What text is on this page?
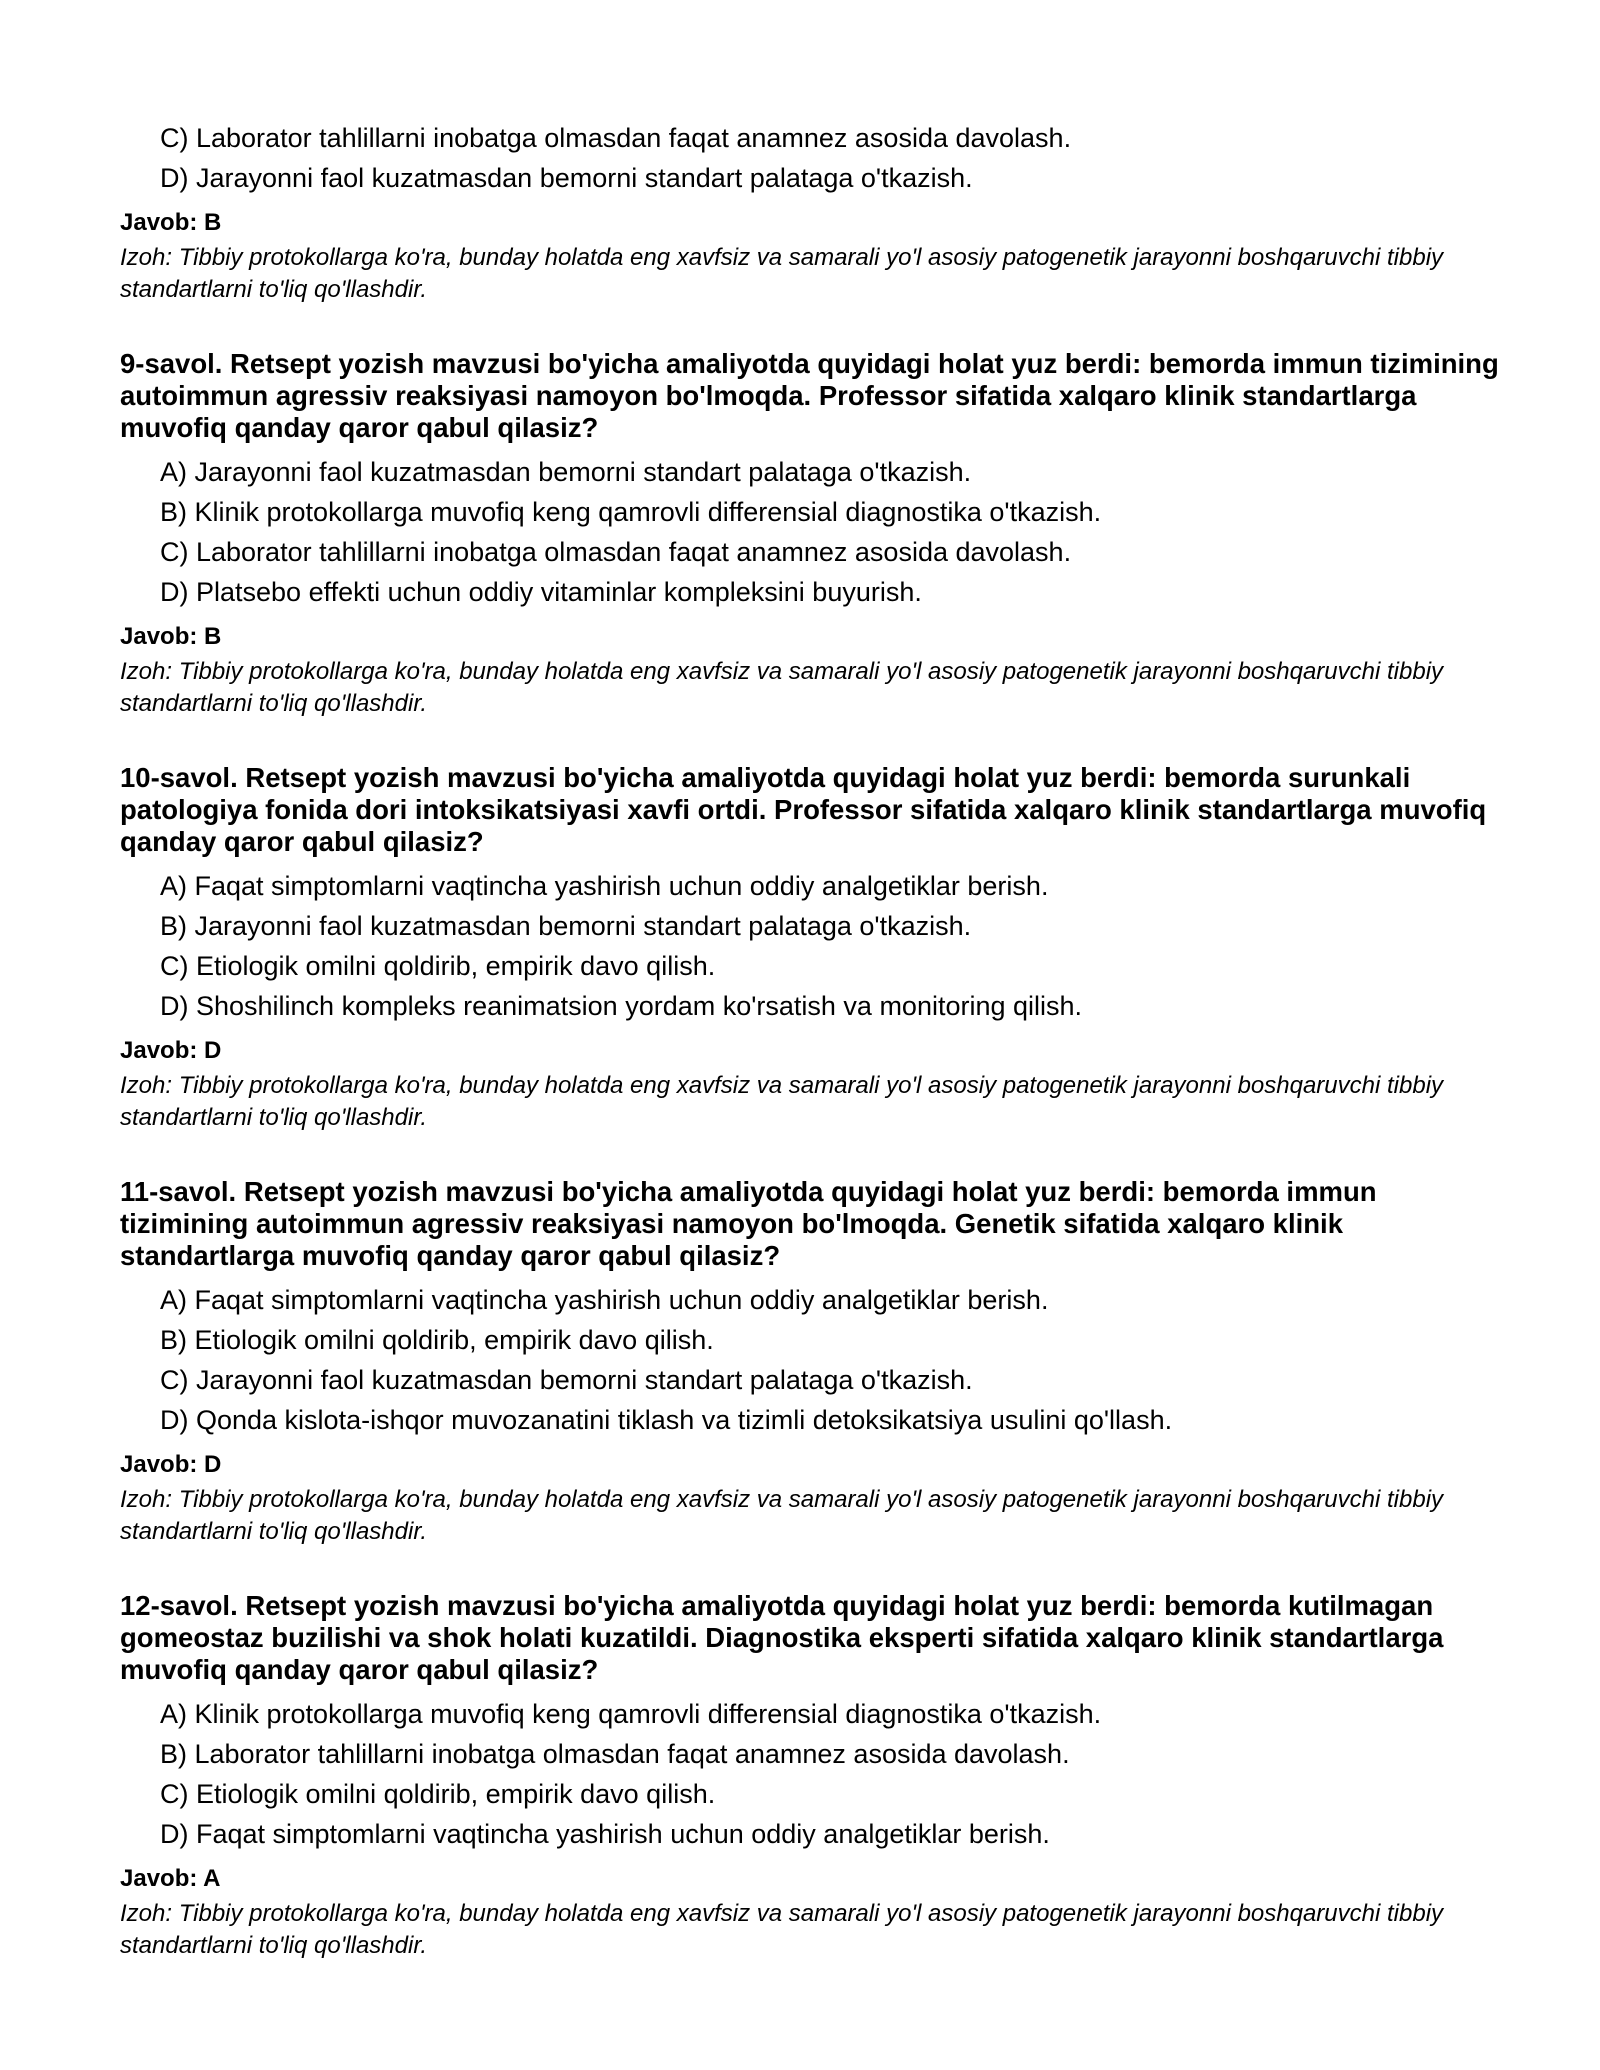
C) Laborator tahlillarni inobatga olmasdan faqat anamnez asosida davolash.

D) Jarayonni faol kuzatmasdan bemorni standart palataga o'tkazish.

Javob: B

Izoh: Tibbiy protokollarga ko'ra, bunday holatda eng xavfsiz va samarali yo'l asosiy patogenetik jarayonni boshqaruvchi tibbiy standartlarni to'liq qo'llashdir.

9-savol. Retsept yozish mavzusi bo'yicha amaliyotda quyidagi holat yuz berdi: bemorda immun tizimining autoimmun agressiv reaksiyasi namoyon bo'lmoqda. Professor sifatida xalqaro klinik standartlarga muvofiq qanday qaror qabul qilasiz?

A) Jarayonni faol kuzatmasdan bemorni standart palataga o'tkazish.

B) Klinik protokollarga muvofiq keng qamrovli differensial diagnostika o'tkazish.

C) Laborator tahlillarni inobatga olmasdan faqat anamnez asosida davolash.

D) Platsebo effekti uchun oddiy vitaminlar kompleksini buyurish.

Javob: B

Izoh: Tibbiy protokollarga ko'ra, bunday holatda eng xavfsiz va samarali yo'l asosiy patogenetik jarayonni boshqaruvchi tibbiy standartlarni to'liq qo'llashdir.

10-savol. Retsept yozish mavzusi bo'yicha amaliyotda quyidagi holat yuz berdi: bemorda surunkali patologiya fonida dori intoksikatsiyasi xavfi ortdi. Professor sifatida xalqaro klinik standartlarga muvofiq qanday qaror qabul qilasiz?

A) Faqat simptomlarni vaqtincha yashirish uchun oddiy analgetiklar berish.

B) Jarayonni faol kuzatmasdan bemorni standart palataga o'tkazish.

C) Etiologik omilni qoldirib, empirik davo qilish.

D) Shoshilinch kompleks reanimatsion yordam ko'rsatish va monitoring qilish.

Javob: D

Izoh: Tibbiy protokollarga ko'ra, bunday holatda eng xavfsiz va samarali yo'l asosiy patogenetik jarayonni boshqaruvchi tibbiy standartlarni to'liq qo'llashdir.

11-savol. Retsept yozish mavzusi bo'yicha amaliyotda quyidagi holat yuz berdi: bemorda immun tizimining autoimmun agressiv reaksiyasi namoyon bo'lmoqda. Genetik sifatida xalqaro klinik standartlarga muvofiq qanday qaror qabul qilasiz?

A) Faqat simptomlarni vaqtincha yashirish uchun oddiy analgetiklar berish.

B) Etiologik omilni qoldirib, empirik davo qilish.

C) Jarayonni faol kuzatmasdan bemorni standart palataga o'tkazish.

D) Qonda kislota-ishqor muvozanatini tiklash va tizimli detoksikatsiya usulini qo'llash.

Javob: D

Izoh: Tibbiy protokollarga ko'ra, bunday holatda eng xavfsiz va samarali yo'l asosiy patogenetik jarayonni boshqaruvchi tibbiy standartlarni to'liq qo'llashdir.

12-savol. Retsept yozish mavzusi bo'yicha amaliyotda quyidagi holat yuz berdi: bemorda kutilmagan gomeostaz buzilishi va shok holati kuzatildi. Diagnostika eksperti sifatida xalqaro klinik standartlarga muvofiq qanday qaror qabul qilasiz?

A) Klinik protokollarga muvofiq keng qamrovli differensial diagnostika o'tkazish.

B) Laborator tahlillarni inobatga olmasdan faqat anamnez asosida davolash.

C) Etiologik omilni qoldirib, empirik davo qilish.

D) Faqat simptomlarni vaqtincha yashirish uchun oddiy analgetiklar berish.

Javob: A

Izoh: Tibbiy protokollarga ko'ra, bunday holatda eng xavfsiz va samarali yo'l asosiy patogenetik jarayonni boshqaruvchi tibbiy standartlarni to'liq qo'llashdir.
